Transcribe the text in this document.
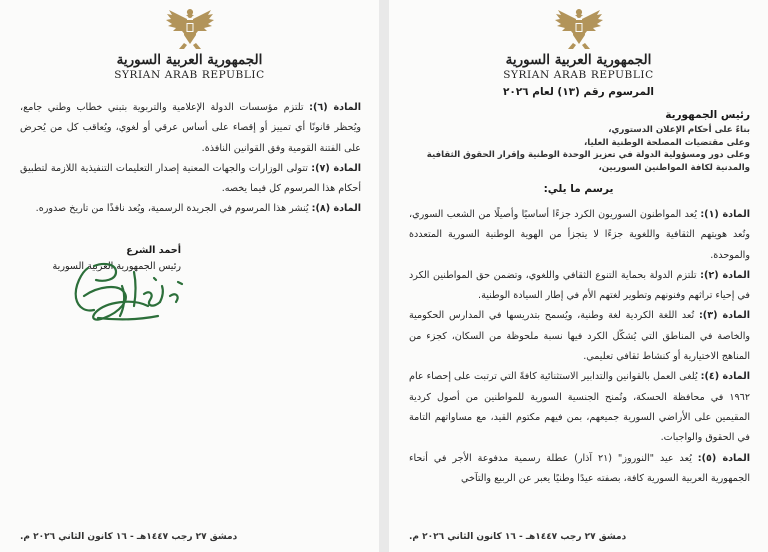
الجمهورية العربية السورية
SYRIAN ARAB REPUBLIC

المادة (٦): تلتزم مؤسسات الدولة الإعلامية والتربوية بتبني خطاب وطني جامع، ويُحظر قانونًا أي تمييز أو إقصاء على أساس عرقي أو لغوي، ويُعاقب كل من يُحرض على الفتنة القومية وفق القوانين النافذة.

المادة (٧): تتولى الوزارات والجهات المعنية إصدار التعليمات التنفيذية اللازمة لتطبيق أحكام هذا المرسوم كل فيما يخصه.

المادة (٨): يُنشر هذا المرسوم في الجريدة الرسمية، ويُعد نافذًا من تاريخ صدوره.

أحمد الشرع
رئيس الجمهورية العربية السورية
دمشق ٢٧ رجب ١٤٤٧هـ - ١٦ كانون الثاني ٢٠٢٦ م.
الجمهورية العربية السورية
SYRIAN ARAB REPUBLIC
المرسوم رقم (١٣) لعام ٢٠٢٦
رئيس الجمهورية
بناءً على أحكام الإعلان الدستوري،
وعلى مقتضيات المصلحة الوطنية العليا،
وعلى دور ومسؤولية الدولة في تعزيز الوحدة الوطنية وإقرار الحقوق الثقافية والمدنية لكافة المواطنين السوريين،
يرسم ما يلي:

المادة (١): يُعد المواطنون السوريون الكرد جزءًا أساسيًا وأصيلًا من الشعب السوري، وتُعد هويتهم الثقافية واللغوية جزءًا لا يتجزأ من الهوية الوطنية السورية المتعددة والموحدة.

المادة (٢): تلتزم الدولة بحماية التنوع الثقافي واللغوي، وتضمن حق المواطنين الكرد في إحياء تراثهم وفنونهم وتطوير لغتهم الأم في إطار السيادة الوطنية.

المادة (٣): تُعد اللغة الكردية لغة وطنية، ويُسمح بتدريسها في المدارس الحكومية والخاصة في المناطق التي يُشكّل الكرد فيها نسبة ملحوظة من السكان، كجزء من المناهج الاختيارية أو كنشاط ثقافي تعليمي.

المادة (٤): يُلغى العمل بالقوانين والتدابير الاستثنائية كافةً التي ترتبت على إحصاء عام ١٩٦٢ في محافظة الحسكة، وتُمنح الجنسية السورية للمواطنين من أصول كردية المقيمين على الأراضي السورية جميعهم، بمن فيهم مكتوم القيد، مع مساواتهم التامة في الحقوق والواجبات.

المادة (٥): يُعد عيد "النوروز" (٢١ آذار) عطلة رسمية مدفوعة الأجر في أنحاء الجمهورية العربية السورية كافة، بصفته عيدًا وطنيًا يعبر عن الربيع والتآخي

دمشق ٢٧ رجب ١٤٤٧هـ - ١٦ كانون الثاني ٢٠٢٦ م.
